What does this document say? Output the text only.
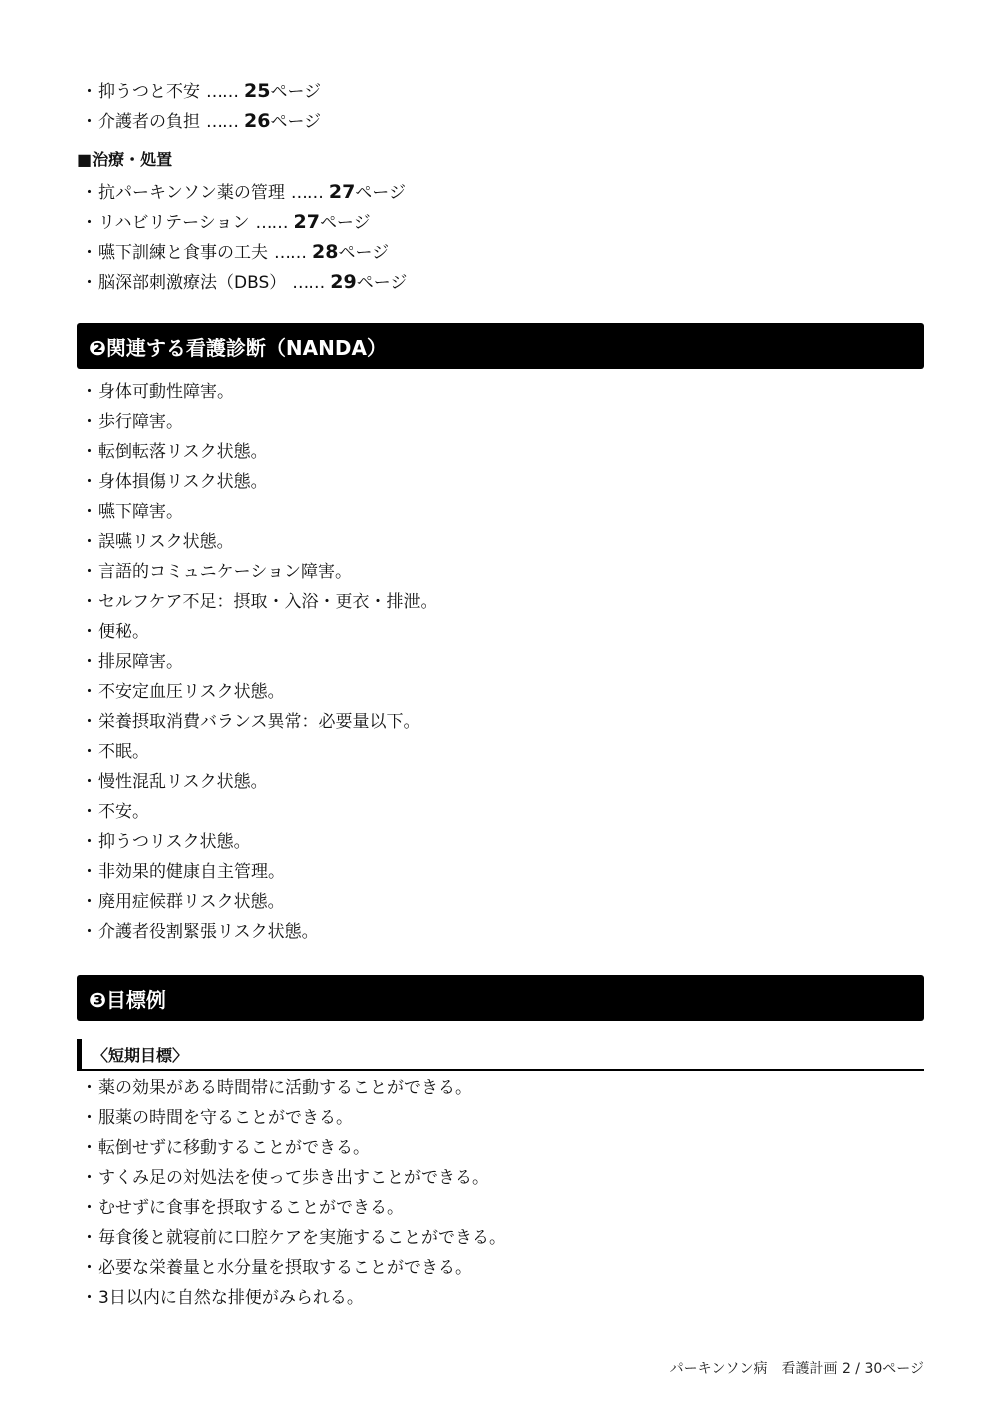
・抑うつと不安 …… 25ページ
・介護者の負担 …… 26ページ
■治療・処置
・抗パーキンソン薬の管理 …… 27ページ
・リハビリテーション …… 27ページ
・嚥下訓練と食事の工夫 …… 28ページ
・脳深部刺激療法（DBS） …… 29ページ
❷関連する看護診断（NANDA）
・身体可動性障害。
・歩行障害。
・転倒転落リスク状態。
・身体損傷リスク状態。
・嚥下障害。
・誤嚥リスク状態。
・言語的コミュニケーション障害。
・セルフケア不足：摂取・入浴・更衣・排泄。
・便秘。
・排尿障害。
・不安定血圧リスク状態。
・栄養摂取消費バランス異常：必要量以下。
・不眠。
・慢性混乱リスク状態。
・不安。
・抑うつリスク状態。
・非効果的健康自主管理。
・廃用症候群リスク状態。
・介護者役割緊張リスク状態。
❸目標例
〈短期目標〉
・薬の効果がある時間帯に活動することができる。
・服薬の時間を守ることができる。
・転倒せずに移動することができる。
・すくみ足の対処法を使って歩き出すことができる。
・むせずに食事を摂取することができる。
・毎食後と就寝前に口腔ケアを実施することができる。
・必要な栄養量と水分量を摂取することができる。
・3日以内に自然な排便がみられる。
パーキンソン病　看護計画 2 / 30ページ
